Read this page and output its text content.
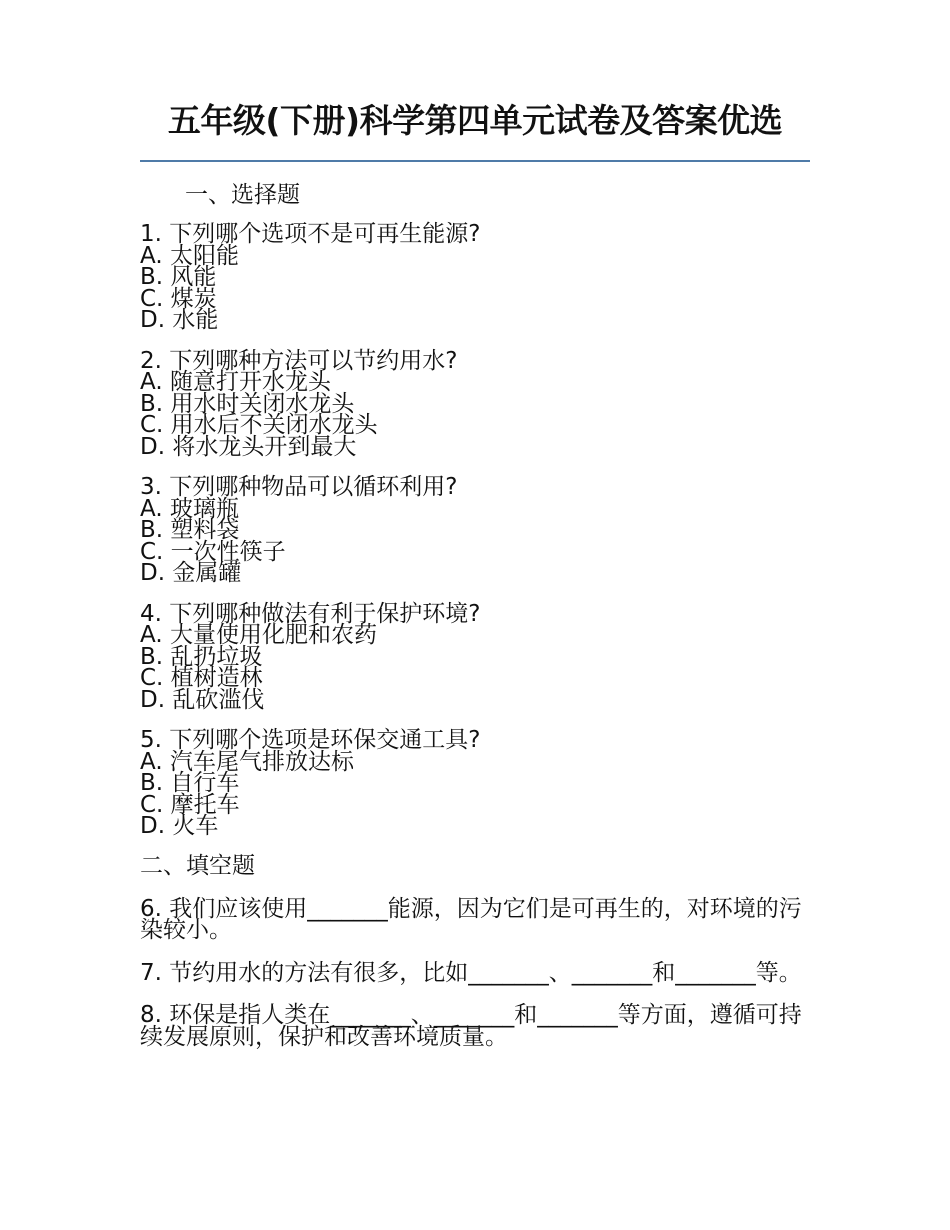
五年级(下册)科学第四单元试卷及答案优选
一、选择题
1. 下列哪个选项不是可再生能源?
A. 太阳能
B. 风能
C. 煤炭
D. 水能
2. 下列哪种方法可以节约用水?
A. 随意打开水龙头
B. 用水时关闭水龙头
C. 用水后不关闭水龙头
D. 将水龙头开到最大
3. 下列哪种物品可以循环利用?
A. 玻璃瓶
B. 塑料袋
C. 一次性筷子
D. 金属罐
4. 下列哪种做法有利于保护环境?
A. 大量使用化肥和农药
B. 乱扔垃圾
C. 植树造林
D. 乱砍滥伐
5. 下列哪个选项是环保交通工具?
A. 汽车尾气排放达标
B. 自行车
C. 摩托车
D. 火车
二、填空题
6. 我们应该使用_______能源，因为它们是可再生的，对环境的污染较小。
7. 节约用水的方法有很多，比如_______、_______和_______等。
8. 环保是指人类在_______、_______和_______等方面，遵循可持续发展原则，保护和改善环境质量。
